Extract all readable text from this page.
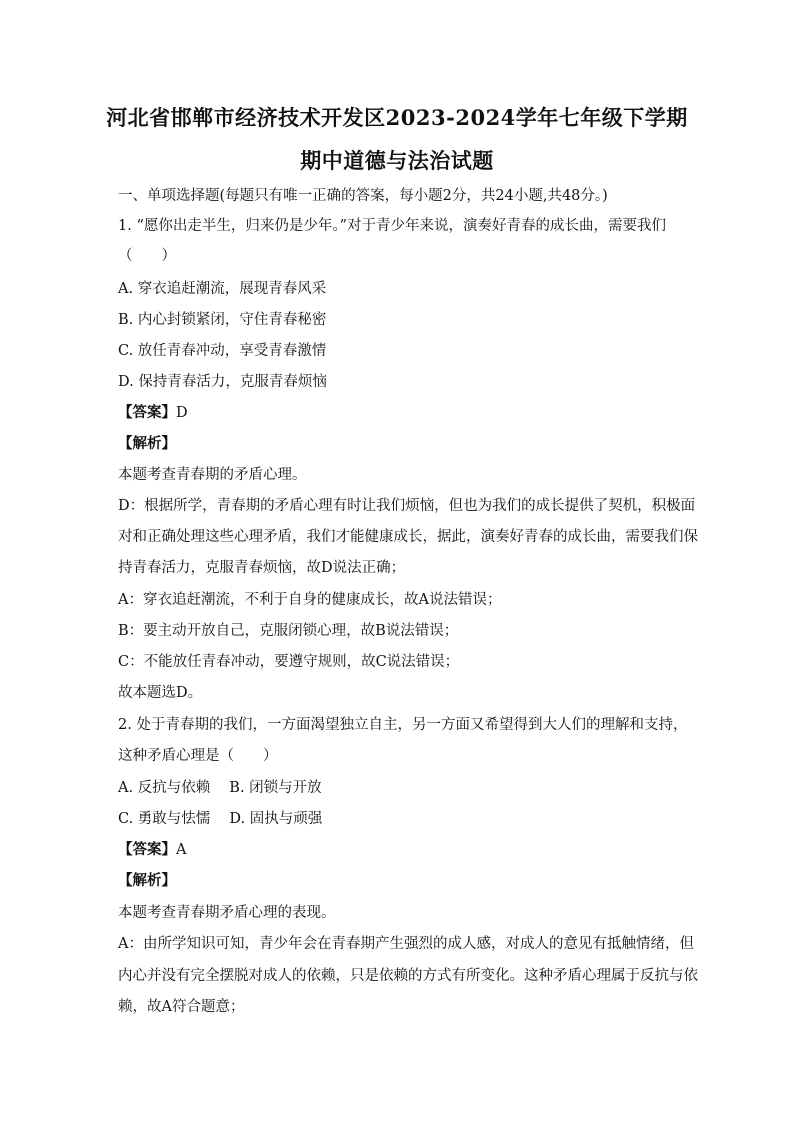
河北省邯郸市经济技术开发区2023-2024学年七年级下学期
期中道德与法治试题
一、单项选择题(每题只有唯一正确的答案，每小题2分，共24小题,共48分。)
1. “愿你出走半生，归来仍是少年。”对于青少年来说，演奏好青春的成长曲，需要我们
（　　）
A. 穿衣追赶潮流，展现青春风采
B. 内心封锁紧闭，守住青春秘密
C. 放任青春冲动，享受青春激情
D. 保持青春活力，克服青春烦恼
【答案】D
【解析】
本题考查青春期的矛盾心理。
D：根据所学，青春期的矛盾心理有时让我们烦恼，但也为我们的成长提供了契机，积极面
对和正确处理这些心理矛盾，我们才能健康成长，据此，演奏好青春的成长曲，需要我们保
持青春活力，克服青春烦恼，故D说法正确；
A：穿衣追赶潮流，不利于自身的健康成长，故A说法错误；
B：要主动开放自己，克服闭锁心理，故B说法错误；
C：不能放任青春冲动，要遵守规则，故C说法错误；
故本题选D。
2. 处于青春期的我们，一方面渴望独立自主，另一方面又希望得到大人们的理解和支持，
这种矛盾心理是（　　）
A. 反抗与依赖　 B. 闭锁与开放
C. 勇敢与怯懦　 D. 固执与顽强
【答案】A
【解析】
本题考查青春期矛盾心理的表现。
A：由所学知识可知，青少年会在青春期产生强烈的成人感，对成人的意见有抵触情绪，但
内心并没有完全摆脱对成人的依赖，只是依赖的方式有所变化。这种矛盾心理属于反抗与依
赖，故A符合题意；
